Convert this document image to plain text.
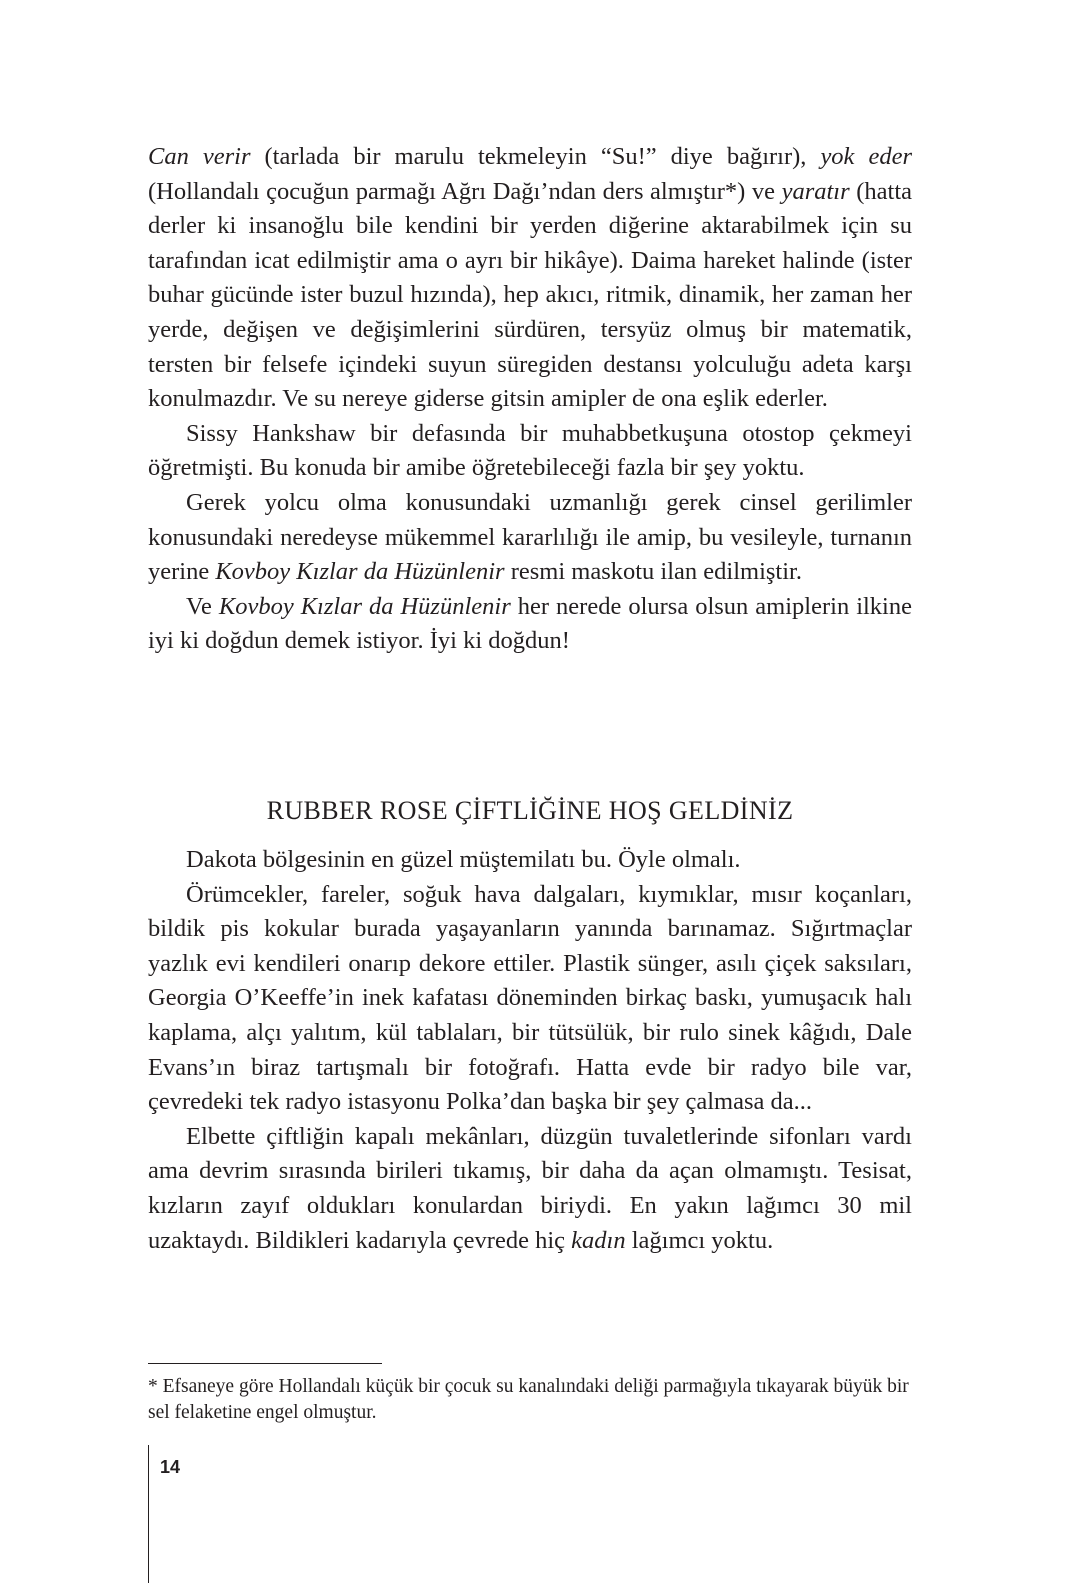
Can verir (tarlada bir marulu tekmeleyin “Su!” diye bağırır), yok eder (Hollandalı çocuğun parmağı Ağrı Dağı’ndan ders almıştır*) ve yaratır (hatta derler ki insanoğlu bile kendini bir yerden diğerine aktarabilmek için su tarafından icat edilmiştir ama o ayrı bir hikâye). Daima hareket halinde (ister buhar gücünde ister buzul hızında), hep akıcı, ritmik, dinamik, her zaman her yerde, değişen ve değişimlerini sürdüren, tersyüz olmuş bir matematik, tersten bir felsefe içindeki suyun süregiden destansı yolculuğu adeta karşı konulmazdır. Ve su nereye giderse gitsin amipler de ona eşlik ederler.

Sissy Hankshaw bir defasında bir muhabbetkuşuna otostop çekmeyi öğretmişti. Bu konuda bir amibe öğretebileceği fazla bir şey yoktu.

Gerek yolcu olma konusundaki uzmanlığı gerek cinsel gerilimler konusundaki neredeyse mükemmel kararlılığı ile amip, bu vesileyle, turnanın yerine Kovboy Kızlar da Hüzünlenir resmi maskotu ilan edilmiştir.

Ve Kovboy Kızlar da Hüzünlenir her nerede olursa olsun amiplerin ilkine iyi ki doğdun demek istiyor. İyi ki doğdun!

RUBBER ROSE ÇİFTLİĞİNE HOŞ GELDİNİZ

Dakota bölgesinin en güzel müştemilatı bu. Öyle olmalı.

Örümcekler, fareler, soğuk hava dalgaları, kıymıklar, mısır koçanları, bildik pis kokular burada yaşayanların yanında barınamaz. Sığırtmaçlar yazlık evi kendileri onarıp dekore ettiler. Plastik sünger, asılı çiçek saksıları, Georgia O’Keeffe’in inek kafatası döneminden birkaç baskı, yumuşacık halı kaplama, alçı yalıtım, kül tablaları, bir tütsülük, bir rulo sinek kâğıdı, Dale Evans’ın biraz tartışmalı bir fotoğrafı. Hatta evde bir radyo bile var, çevredeki tek radyo istasyonu Polka’dan başka bir şey çalmasa da...

Elbette çiftliğin kapalı mekânları, düzgün tuvaletlerinde sifonları vardı ama devrim sırasında birileri tıkamış, bir daha da açan olmamıştı. Tesisat, kızların zayıf oldukları konulardan biriydi. En yakın lağımcı 30 mil uzaktaydı. Bildikleri kadarıyla çevrede hiç kadın lağımcı yoktu.

* Efsaneye göre Hollandalı küçük bir çocuk su kanalındaki deliği parmağıyla tıkayarak büyük bir sel felaketine engel olmuştur.
14
